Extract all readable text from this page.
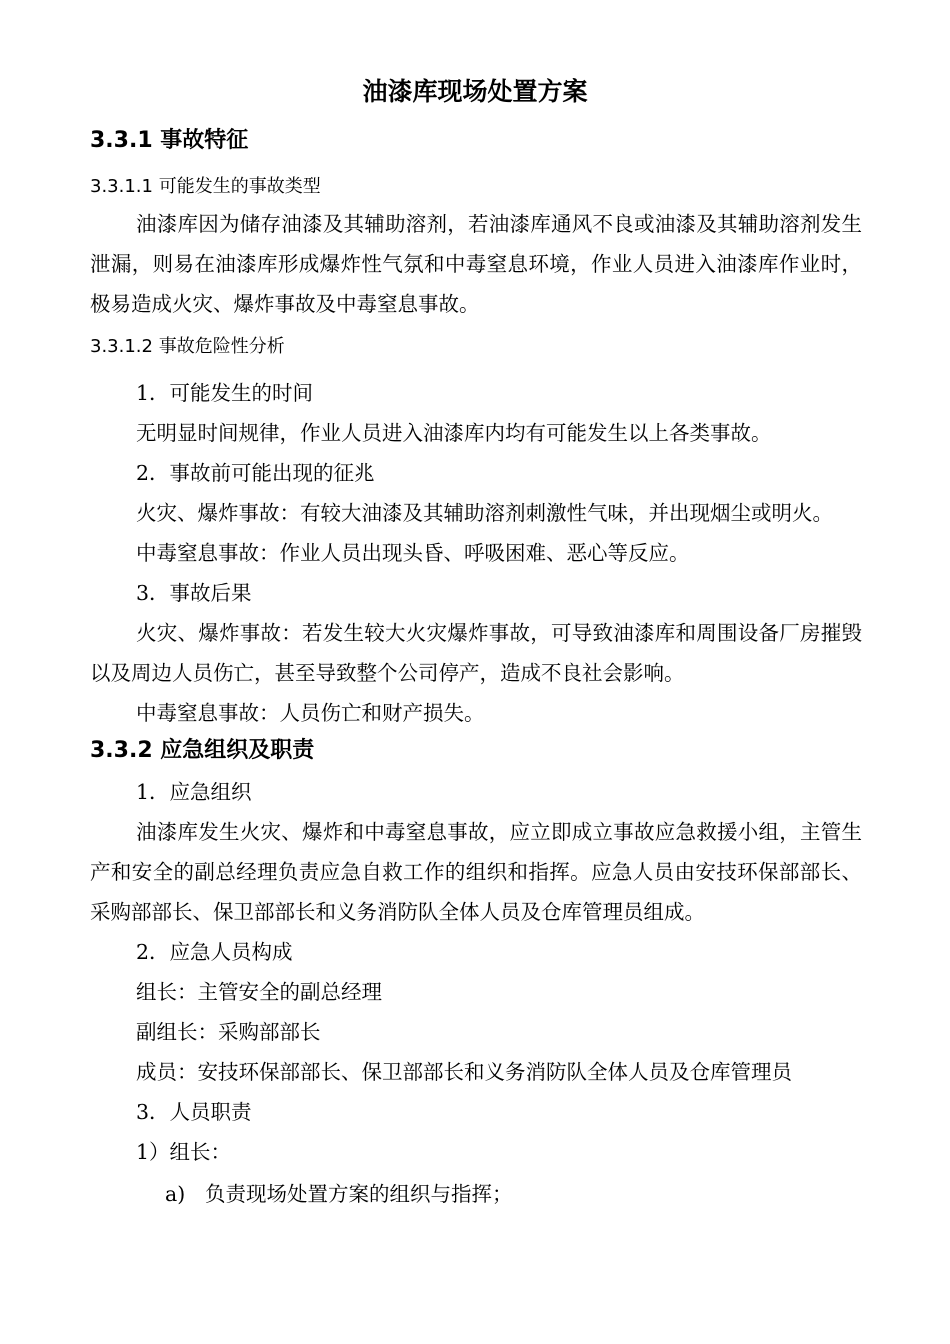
油漆库现场处置方案
3.3.1 事故特征
3.3.1.1 可能发生的事故类型

油漆库因为储存油漆及其辅助溶剂，若油漆库通风不良或油漆及其辅助溶剂发生泄漏，则易在油漆库形成爆炸性气氛和中毒窒息环境，作业人员进入油漆库作业时，极易造成火灾、爆炸事故及中毒窒息事故。

3.3.1.2 事故危险性分析
1．可能发生的时间
无明显时间规律，作业人员进入油漆库内均有可能发生以上各类事故。
2．事故前可能出现的征兆
火灾、爆炸事故：有较大油漆及其辅助溶剂刺激性气味，并出现烟尘或明火。
中毒窒息事故：作业人员出现头昏、呼吸困难、恶心等反应。
3．事故后果

火灾、爆炸事故：若发生较大火灾爆炸事故，可导致油漆库和周围设备厂房摧毁以及周边人员伤亡，甚至导致整个公司停产，造成不良社会影响。

中毒窒息事故：人员伤亡和财产损失。
3.3.2 应急组织及职责
1．应急组织

油漆库发生火灾、爆炸和中毒窒息事故，应立即成立事故应急救援小组，主管生产和安全的副总经理负责应急自救工作的组织和指挥。应急人员由安技环保部部长、采购部部长、保卫部部长和义务消防队全体人员及仓库管理员组成。

2．应急人员构成
组长：主管安全的副总经理
副组长：采购部部长
成员：安技环保部部长、保卫部部长和义务消防队全体人员及仓库管理员
3．人员职责
1）组长：
a) 负责现场处置方案的组织与指挥；
